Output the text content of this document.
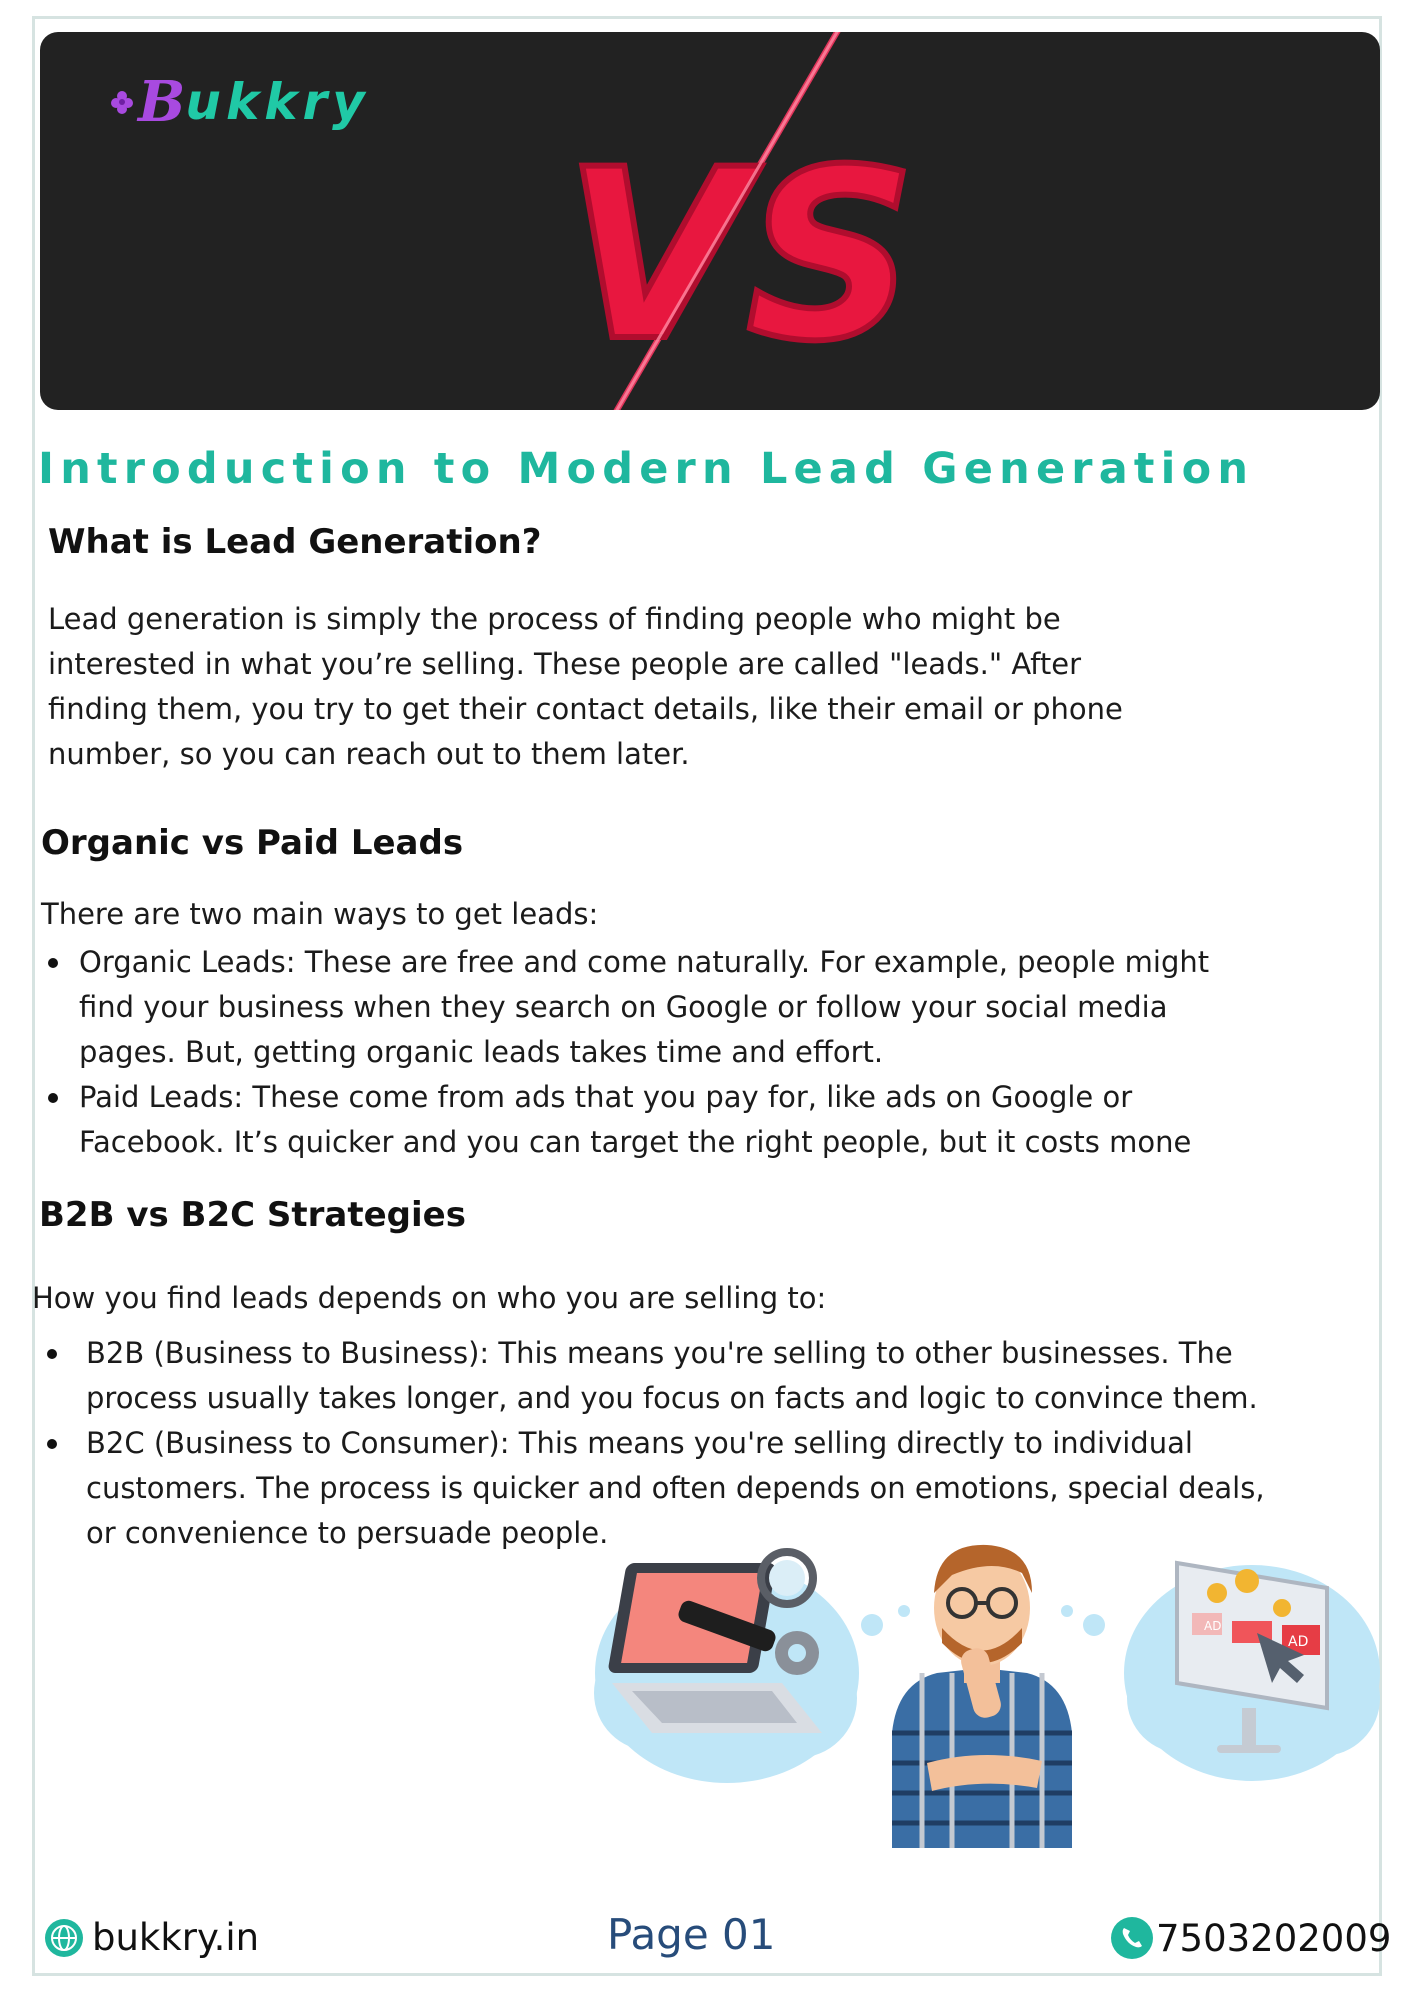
VS
B ukkry
Introduction to Modern Lead Generation
What is Lead Generation?

Lead generation is simply the process of finding people who might be
interested in what you’re selling. These people are called "leads." After
finding them, you try to get their contact details, like their email or phone
number, so you can reach out to them later.

Organic vs Paid Leads

There are two main ways to get leads:

Organic Leads: These are free and come naturally. For example, people might
find your business when they search on Google or follow your social media
pages. But, getting organic leads takes time and effort.
Paid Leads: These come from ads that you pay for, like ads on Google or
Facebook. It’s quicker and you can target the right people, but it costs mone
B2B vs B2C Strategies

How you find leads depends on who you are selling to:

B2B (Business to Business): This means you're selling to other businesses. The
process usually takes longer, and you focus on facts and logic to convince them.
B2C (Business to Consumer): This means you're selling directly to individual
customers. The process is quicker and often depends on emotions, special deals,
or convenience to persuade people.
AD
AD
bukkry.in	Page 01	7503202009
